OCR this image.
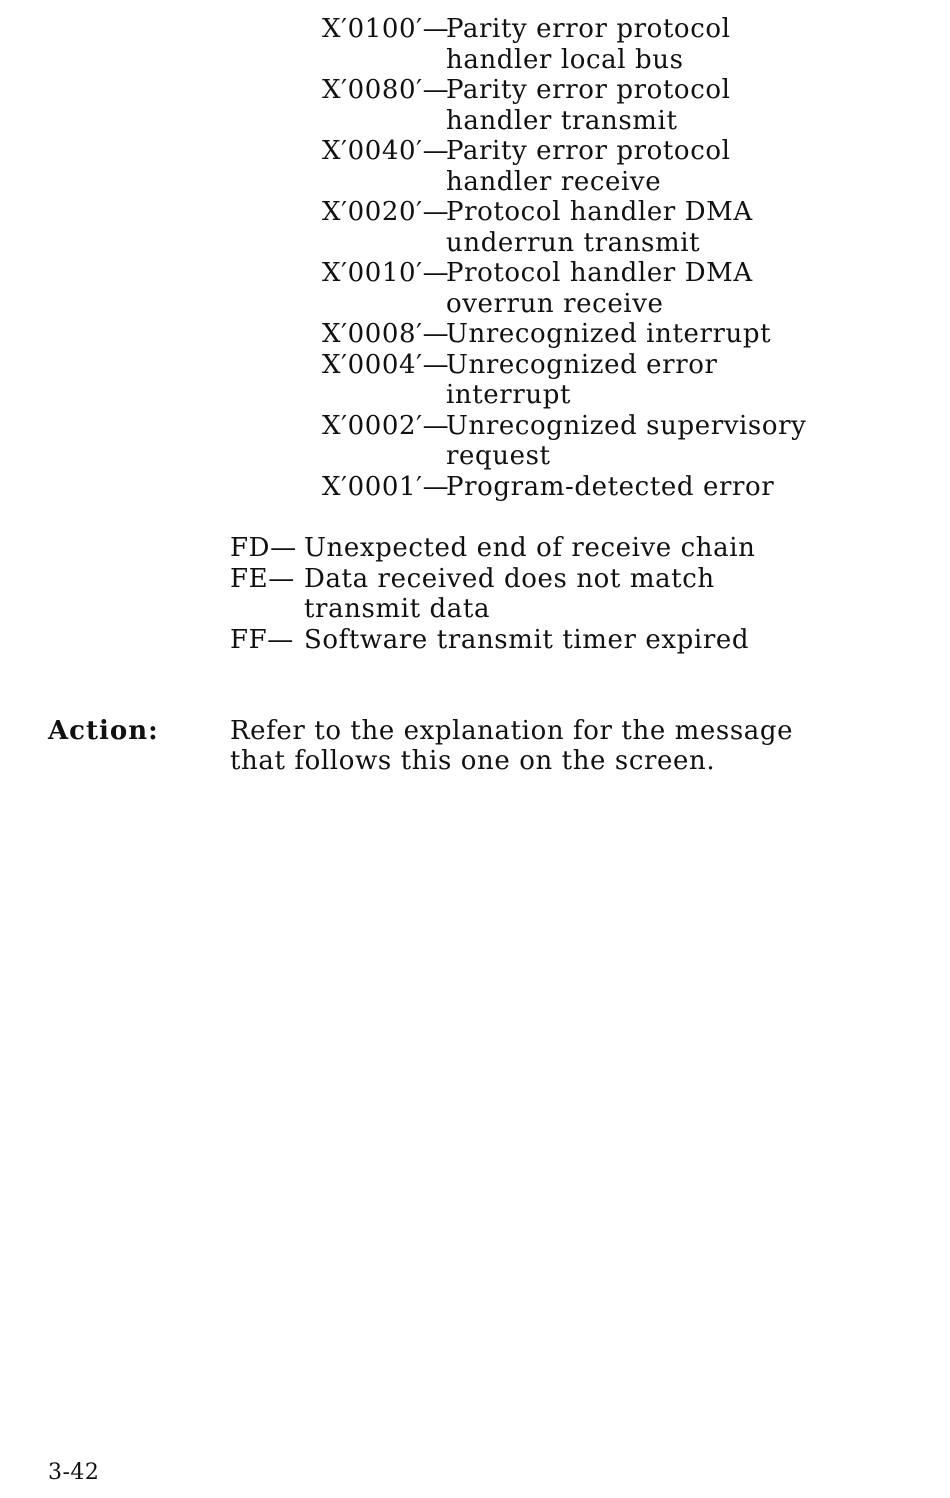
X′0100′—
Parity error protocol
handler local bus
X′0080′—
Parity error protocol
handler transmit
X′0040′—
Parity error protocol
handler receive
X′0020′—
Protocol handler DMA
underrun transmit
X′0010′—
Protocol handler DMA
overrun receive
X′0008′—
Unrecognized interrupt
X′0004′—
Unrecognized error
interrupt
X′0002′—
Unrecognized supervisory
request
X′0001′—
Program-detected error
FD— Unexpected end of receive chain
FE— Data received does not match
transmit data
FF— Software transmit timer expired
Action:	Refer to the explanation for the message
that follows this one on the screen.
3-42
